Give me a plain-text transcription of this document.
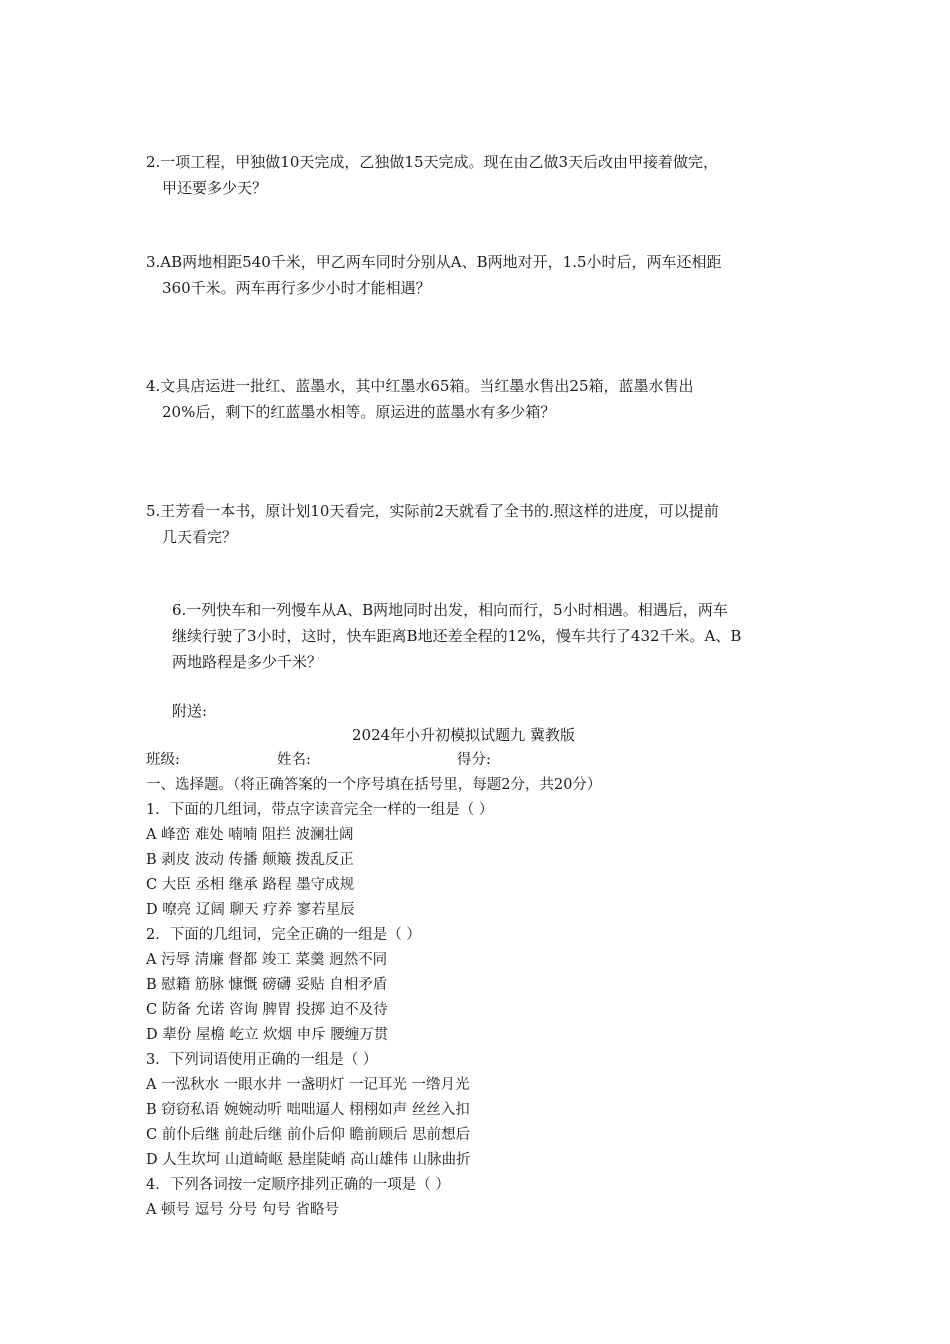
2.一项工程，甲独做10天完成，乙独做15天完成。现在由乙做3天后改由甲接着做完，
甲还要多少天？
3.AB两地相距540千米，甲乙两车同时分别从A、B两地对开，1.5小时后，两车还相距
360千米。两车再行多少小时才能相遇？
4.文具店运进一批红、蓝墨水，其中红墨水65箱。当红墨水售出25箱，蓝墨水售出
20%后，剩下的红蓝墨水相等。原运进的蓝墨水有多少箱？
5.王芳看一本书，原计划10天看完，实际前2天就看了全书的.照这样的进度，可以提前
几天看完？
6.一列快车和一列慢车从A、B两地同时出发，相向而行，5小时相遇。相遇后，两车
继续行驶了3小时，这时，快车距离B地还差全程的12%，慢车共行了432千米。A、B
两地路程是多少千米？
附送:
2024年小升初模拟试题九 冀教版
班级:	姓名:	得分:
一、选择题。（将正确答案的一个序号填在括号里，每题2分，共20分）
1．下面的几组词，带点字读音完全一样的一组是（ ）
A 峰峦 难处 喃喃 阻拦 波澜壮阔
B 剥皮 波动 传播 颠簸 拨乱反正
C 大臣 丞相 继承 路程 墨守成规
D 嘹亮 辽阔 聊天 疗养 寥若星辰
2．下面的几组词，完全正确的一组是（ ）
A 污辱 清廉 督都 竣工 菜羹 迥然不同
B 慰籍 筋脉 慷慨 磅礴 妥贴 自相矛盾
C 防备 允诺 咨询 脾胃 投掷 迫不及待
D 辈份 屋檐 屹立 炊烟 申斥 腰缠万贯
3．下列词语使用正确的一组是（ ）
A 一泓秋水 一眼水井 一盏明灯 一记耳光 一绺月光
B 窃窃私语 婉婉动听 咄咄逼人 栩栩如声 丝丝入扣
C 前仆后继 前赴后继 前仆后仰 瞻前顾后 思前想后
D 人生坎坷 山道崎岖 悬崖陡峭 高山雄伟 山脉曲折
4．下列各词按一定顺序排列正确的一项是（ ）
A 顿号 逗号 分号 句号 省略号
